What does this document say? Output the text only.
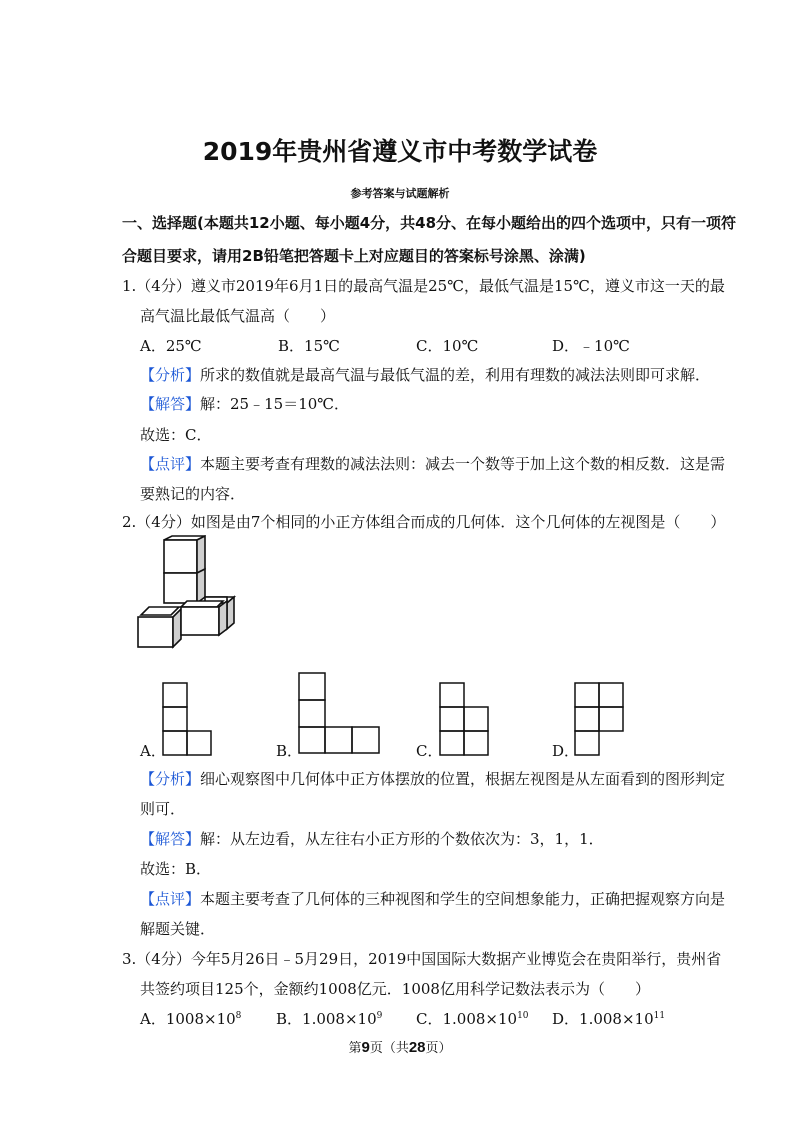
2019年贵州省遵义市中考数学试卷
参考答案与试题解析
一、选择题(本题共12小题、每小题4分，共48分、在每小题给出的四个选项中，只有一项符
合题目要求，请用2B铅笔把答题卡上对应题目的答案标号涂黑、涂满)
1.（4分）遵义市2019年6月1日的最高气温是25℃，最低气温是15℃，遵义市这一天的最
高气温比最低气温高（　　）
A．25℃	B．15℃	C．10℃	D．﹣10℃
【分析】所求的数值就是最高气温与最低气温的差，利用有理数的减法法则即可求解．
【解答】解：25﹣15＝10℃．
故选：C．
【点评】本题主要考查有理数的减法法则：减去一个数等于加上这个数的相反数．这是需
要熟记的内容．
2.（4分）如图是由7个相同的小正方体组合而成的几何体．这个几何体的左视图是（　　）
A．	B．	C．	D．
【分析】细心观察图中几何体中正方体摆放的位置，根据左视图是从左面看到的图形判定
则可．
【解答】解：从左边看，从左往右小正方形的个数依次为：3，1，1．
故选：B．
【点评】本题主要考查了几何体的三种视图和学生的空间想象能力，正确把握观察方向是
解题关键．
3.（4分）今年5月26日﹣5月29日，2019中国国际大数据产业博览会在贵阳举行，贵州省
共签约项目125个，金额约1008亿元．1008亿用科学记数法表示为（　　）
A．$1008\times 10^8$ B．$1.008\times 10^9$ C．$1.008\times 10^{10}$ D．$1.008\times 10^{11}$
第9页（共28页）
